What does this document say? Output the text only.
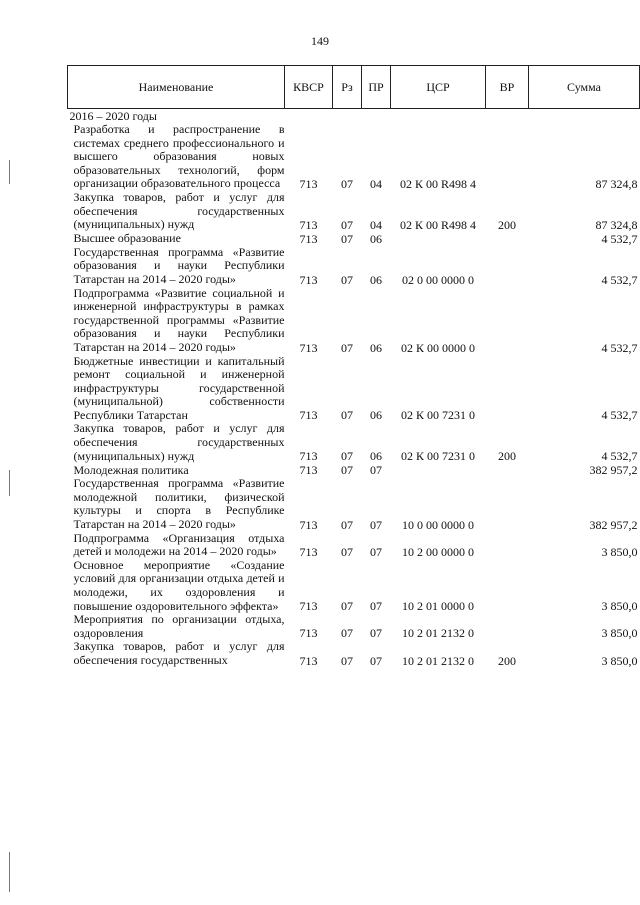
149
Наименование	КВСР	Рз	ПР	ЦСР	ВР	Сумма
2016 – 2020 годы						
Разработка и распространение в системах среднего профессионального и высшего образования новых образовательных технологий, форм организации образовательного процесса	713	07	04	02 К 00 R498 4		87 324,8
Закупка товаров, работ и услуг для обеспечения государственных (муниципальных) нужд	713	07	04	02 К 00 R498 4	200	87 324,8
Высшее образование	713	07	06			4 532,7
Государственная программа «Развитие образования и науки Республики Татарстан на 2014 – 2020 годы»	713	07	06	02 0 00 0000 0		4 532,7
Подпрограмма «Развитие социальной и инженерной инфраструктуры в рамках государственной программы «Развитие образования и науки Республики Татарстан на 2014 – 2020 годы»	713	07	06	02 К 00 0000 0		4 532,7
Бюджетные инвестиции и капитальный ремонт социальной и инженерной инфраструктуры государственной (муниципальной) собственности Республики Татарстан	713	07	06	02 К 00 7231 0		4 532,7
Закупка товаров, работ и услуг для обеспечения государственных (муниципальных) нужд	713	07	06	02 К 00 7231 0	200	4 532,7
Молодежная политика	713	07	07			382 957,2
Государственная программа «Развитие молодежной политики, физической культуры и спорта в Республике Татарстан на 2014 – 2020 годы»	713	07	07	10 0 00 0000 0		382 957,2
Подпрограмма «Организация отдыха детей и молодежи на 2014 – 2020 годы»	713	07	07	10 2 00 0000 0		3 850,0
Основное мероприятие «Создание условий для организации отдыха детей и молодежи, их оздоровления и повышение оздоровительного эффекта»	713	07	07	10 2 01 0000 0		3 850,0
Мероприятия по организации отдыха, оздоровления	713	07	07	10 2 01 2132 0		3 850,0
Закупка товаров, работ и услуг для обеспечения государственных	713	07	07	10 2 01 2132 0	200	3 850,0
